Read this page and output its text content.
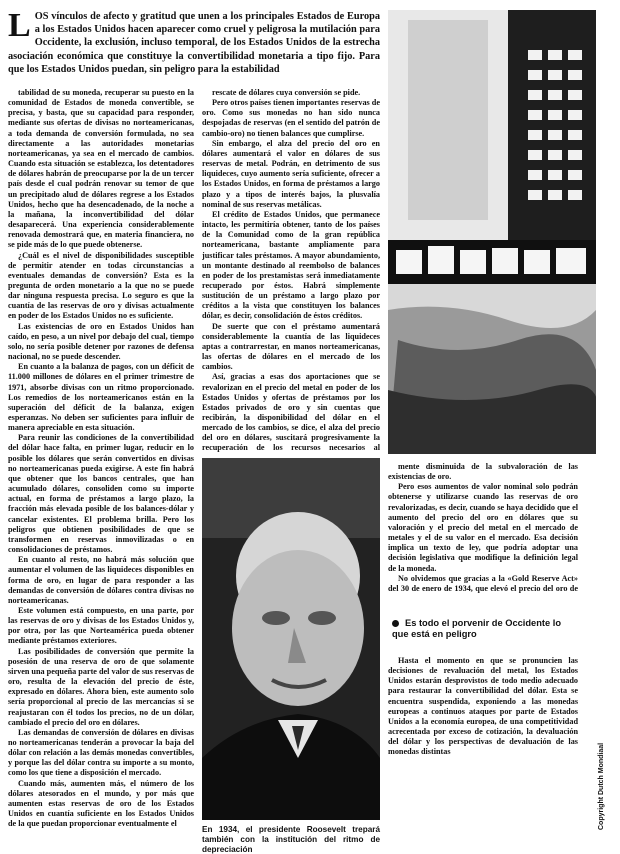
L OS vínculos de afecto y gratitud que unen a los principales Estados de Europa a los Estados Unidos hacen aparecer como cruel y peligrosa la mutilación para Occidente, la exclusión, incluso temporal, de los Estados Unidos de la estrecha asociación económica que constituye la convertibilidad monetaria a tipo fijo. Para que los Estados Unidos puedan, sin peligro para la estabilidad

tabilidad de su moneda, recuperar su puesto en la comunidad de Estados de moneda convertible, se precisa, y basta, que su capacidad para responder, mediante sus ofertas de divisas no norteamericanas, a toda demanda de conversión formulada, no sea directamente a las autoridades monetarias norteamericanas, ya sea en el mercado de cambios. Cuando esta situación se establezca, los detentadores de dólares habrán de preocuparse por la de un tercer país desde el cual podrán renovar su temor de que un precipitado alud de dólares regrese a los Estados Unidos, hecho que ha desencadenado, de la noche a la mañana, la inconvertibilidad del dólar desaparecerá. Una experiencia considerablemente renovada demostrará que, en materia financiera, no se pide más de lo que puede obtenerse.

¿Cuál es el nivel de disponibilidades susceptible de permitir atender en todas circunstancias a eventuales demandas de conversión? Esta es la pregunta de orden monetario a la que no se puede dar ninguna respuesta precisa. Lo seguro es que la cuantía de las reservas de oro y divisas actualmente en poder de los Estados Unidos no es suficiente.

Las existencias de oro en Estados Unidos han caído, en peso, a un nivel por debajo del cual, tiempo solo, no sería posible detener por razones de defensa nacional, no se puede descender.

En cuanto a la balanza de pagos, con un déficit de 11.000 millones de dólares en el primer trimestre de 1971, absorbe divisas con un ritmo proporcionado. Los remedios de los norteamericanos están en la superación del déficit de la balanza, exigen esperanzas. No deben ser suficientes para influir de manera apreciable en esta situación.

Para reunir las condiciones de la convertibilidad del dólar hace falta, en primer lugar, reducir en lo posible los dólares que serán convertidos en divisas no norteamericanas pueda exigirse. A este fin habrá que obtener que los bancos centrales, que han acumulado dólares, consoliden como su importe actual, en forma de préstamos a largo plazo, la fracción más elevada posible de los balances-dólar y cancelar existentes. El problema brilla. Pero los peligros que obtienen posibilidades de que se transformen en reservas inmovilizadas o en consolidaciones de préstamos.

En cuanto al resto, no habrá más solución que aumentar el volumen de las liquideces disponibles en forma de oro, en lugar de para responder a las demandas de conversión de dólares contra divisas no norteamericanas.

Este volumen está compuesto, en una parte, por las reservas de oro y divisas de los Estados Unidos y, por otra, por las que Norteamérica pueda obtener mediante préstamos exteriores.

Las posibilidades de conversión que permite la posesión de una reserva de oro de que solamente sirven una pequeña parte del valor de sus reservas de oro, resulta de la elevación del precio de éste, expresado en dólares. Ahora bien, este aumento solo sería proporcional al precio de las mercancías si se reajustaran con él todos los precios, no de un dólar, cambiado el precio del oro en dólares.

Las demandas de conversión de dólares en divisas no norteamericanas tenderán a provocar la baja del dólar con relación a las demás monedas convertibles, y porque las del dólar contra su importe a su monto, como los que tiene a disposición el mercado.

Cuando más, aumenten más, el número de los dólares atesorados en el mundo, y por más que aumenten estas reservas de oro de los Estados Unidos en cuantía suficiente en los Estados Unidos de la que puedan proporcionar eventualmente el

rescate de dólares cuya conversión se pide.

Pero otros países tienen importantes reservas de oro. Como sus monedas no han sido nunca despojadas de reservas (en el sentido del patrón de cambio-oro) no tienen balances que cumplirse.

Sin embargo, el alza del precio del oro en dólares aumentará el valor en dólares de sus reservas de metal. Podrán, en detrimento de sus liquideces, cuyo aumento sería suficiente, ofrecer a los Estados Unidos, en forma de préstamos a largo plazo y a tipos de interés bajos, la plusvalía nominal de sus reservas metálicas.

El crédito de Estados Unidos, que permanece intacto, les permitiría obtener, tanto de los países de la Comunidad como de la gran república norteamericana, bastante ampliamente para justificar tales préstamos. A mayor abundamiento, un montante destinado al reembolso de balances en poder de los prestamistas será inmediatamente recuperado por éstos. Habrá simplemente sustitución de un préstamo a largo plazo por créditos a la vista que constituyen los balances dólar, es decir, consolidación de éstos créditos.

De suerte que con el préstamo aumentará considerablemente la cuantía de las liquideces aptas a contrarrestar, en manos norteamericanas, las ofertas de dólares en el mercado de los cambios.

Así, gracias a esas dos aportaciones que se revalorizan en el precio del metal en poder de los Estados Unidos y ofertas de préstamos por los Estados privados de oro y sin cuentas que recibirán, la disponibilidad del dólar en el mercado de los cambios, se dice, el alza del precio del oro en dólares, suscitará progresivamente la recuperación de los recursos necesarios al

mente disminuida de la subvaloración de las existencias de oro.

Pero esos aumentos de valor nominal solo podrán obtenerse y utilizarse cuando las reservas de oro revalorizadas, es decir, cuando se haya decidido que el aumento del precio del oro en dólares que su valoración y el precio del metal en el mercado de metales y el de su valor en el mercado. Esa decisión implica un texto de ley, que podría adoptar una decisión legislativa que modifique la definición legal de la moneda.

No olvidemos que gracias a la «Gold Reserve Act» del 30 de enero de 1934, que elevó el precio del oro de

Es todo el porvenir de Occidente lo que está en peligro

Hasta el momento en que se pronuncien las decisiones de revaluación del metal, los Estados Unidos estarán desprovistos de todo medio adecuado para restaurar la convertibilidad del dólar. Esta se encuentra suspendida, exponiendo a las monedas europeas a continuos ataques por parte de Estados Unidos a la economía europea, de una competitividad acrecentada por exceso de cotización, la devaluación del dólar y los perspectivas de devaluación de las monedas distintas

En 1934, el presidente Roosevelt trepará también con la institución del ritmo de depreciación
Copyright Dutch Mondiaal
